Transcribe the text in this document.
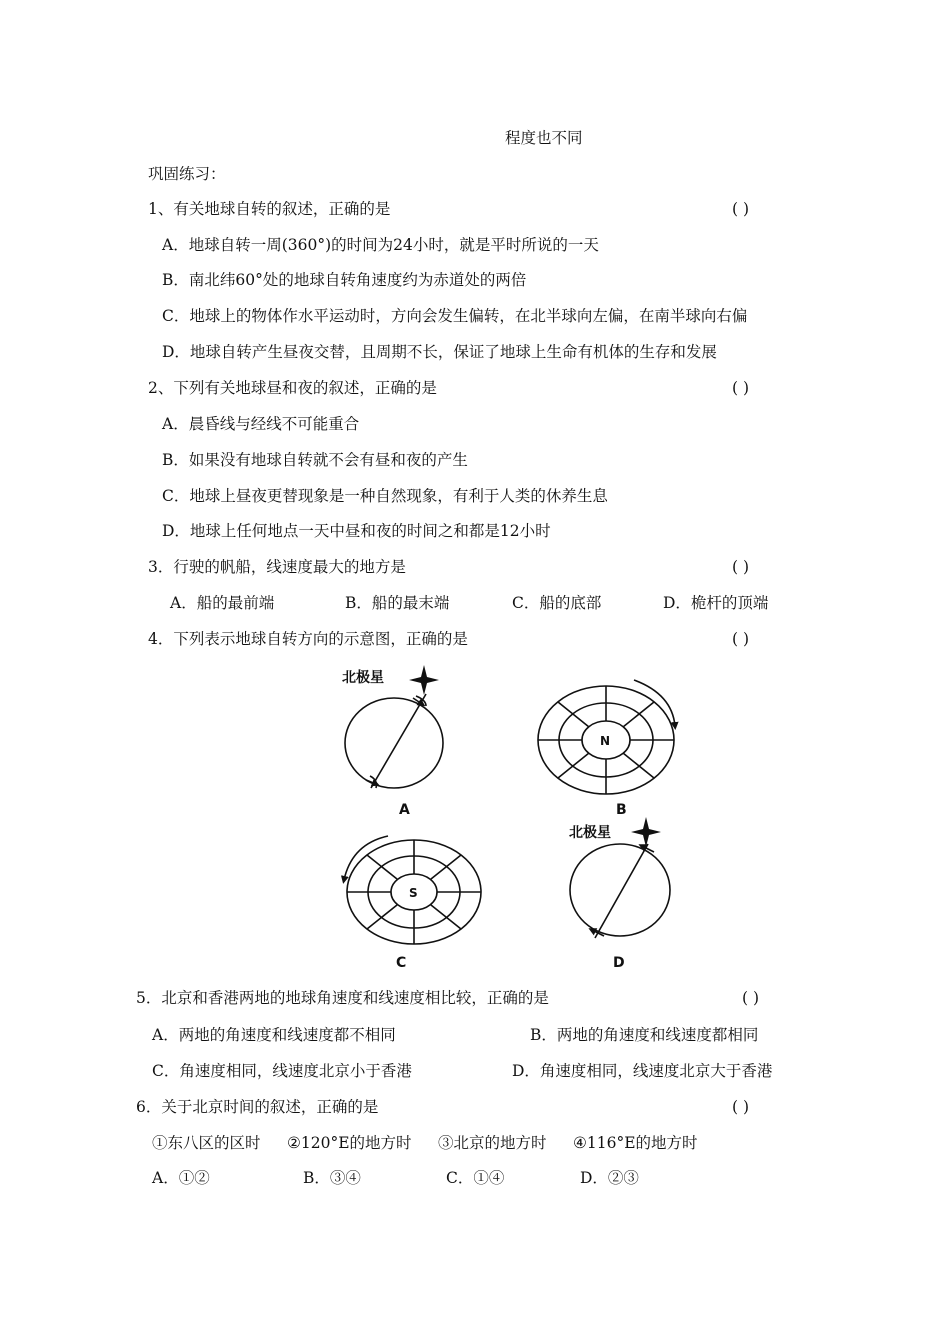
程度也不同
巩固练习：
1、有关地球自转的叙述，正确的是	( )
A．地球自转一周(360°)的时间为24小时，就是平时所说的一天
B．南北纬60°处的地球自转角速度约为赤道处的两倍
C．地球上的物体作水平运动时，方向会发生偏转，在北半球向左偏，在南半球向右偏
D．地球自转产生昼夜交替，且周期不长，保证了地球上生命有机体的生存和发展
2、下列有关地球昼和夜的叙述，正确的是	( )
A．晨昏线与经线不可能重合
B．如果没有地球自转就不会有昼和夜的产生
C．地球上昼夜更替现象是一种自然现象，有利于人类的休养生息
D．地球上任何地点一天中昼和夜的时间之和都是12小时
3．行驶的帆船，线速度最大的地方是	( )
A．船的最前端	B．船的最末端	C．船的底部	D．桅杆的顶端
4．下列表示地球自转方向的示意图，正确的是	( )
北极星
A
N
B
S
C
北极星
D
5．北京和香港两地的地球角速度和线速度相比较，正确的是	( )
A．两地的角速度和线速度都不相同	B．两地的角速度和线速度都相同
C．角速度相同，线速度北京小于香港	D．角速度相同，线速度北京大于香港
6．关于北京时间的叙述，正确的是	( )
①东八区的区时 ②120°E的地方时 ③北京的地方时 ④116°E的地方时
A．①②	B．③④	C．①④	D．②③
